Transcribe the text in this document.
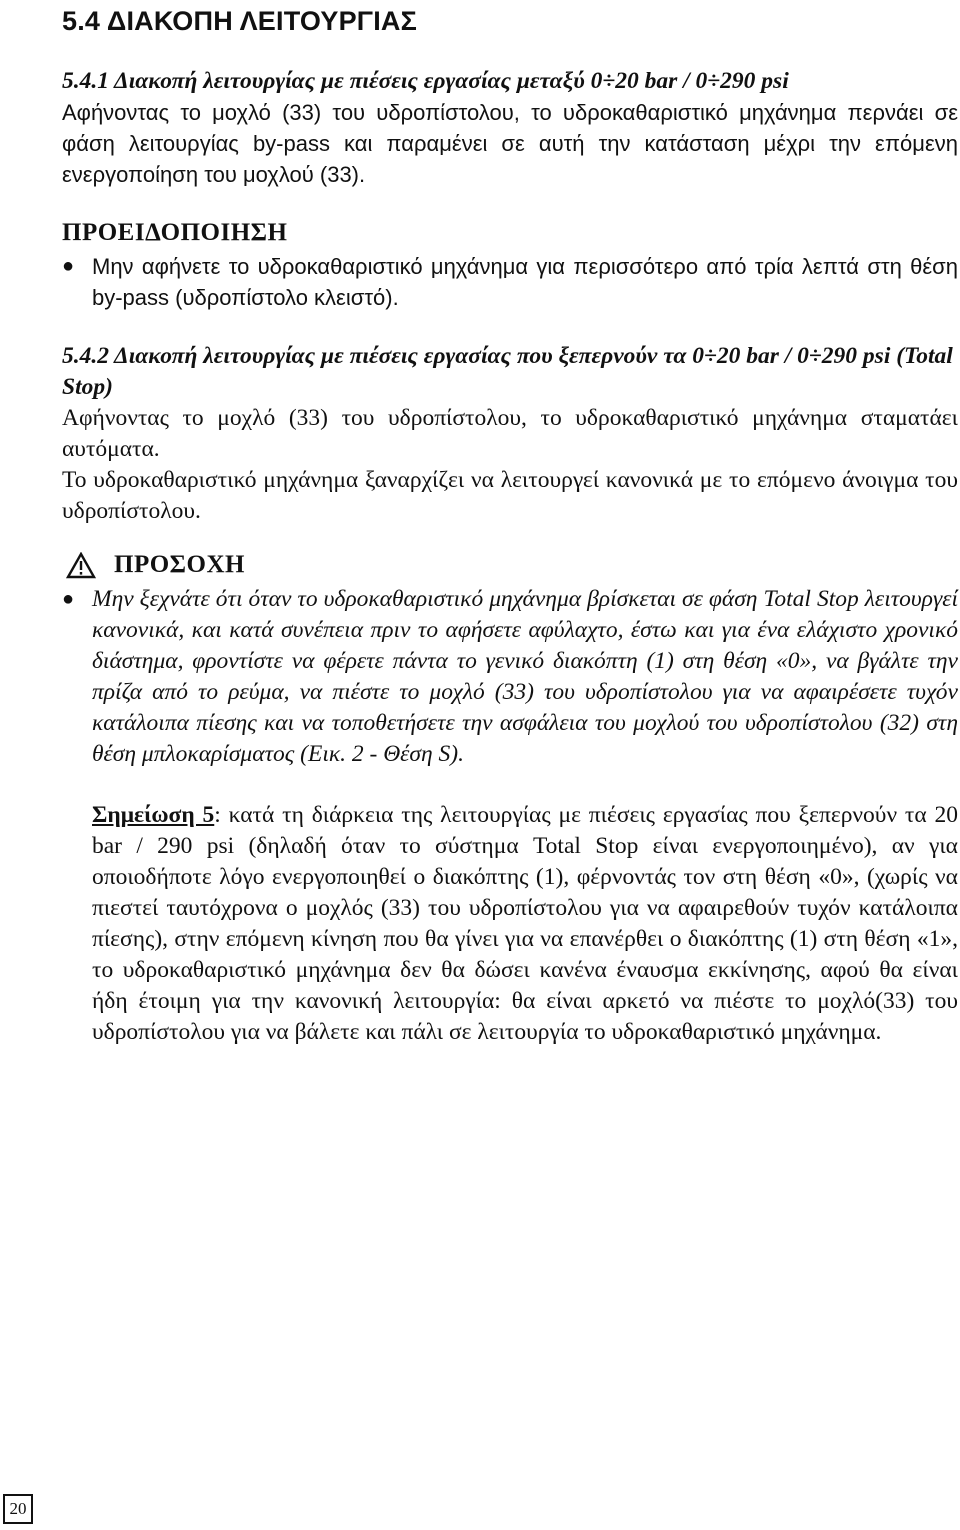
5.4 ΔΙΑΚΟΠΗ ΛΕΙΤΟΥΡΓΙΑΣ

5.4.1 Διακοπή λειτουργίας με πιέσεις εργασίας μεταξύ 0÷20 bar / 0÷290 psi

Αφήνοντας το μοχλό (33) του υδροπίστολου, το υδροκαθαριστικό μηχάνημα περνάει σε φάση λειτουργίας by-pass και παραμένει σε αυτή την κατάσταση μέχρι την επόμενη ενεργοποίηση του μοχλού (33).

ΠΡΟΕΙΔΟΠΟΙΗΣΗ

● Μην αφήνετε το υδροκαθαριστικό μηχάνημα για περισσότερο από τρία λεπτά στη θέση by-pass (υδροπίστολο κλειστό).

5.4.2 Διακοπή λειτουργίας με πιέσεις εργασίας που ξεπερνούν τα 0÷20 bar / 0÷290 psi (Total Stop)

Αφήνοντας το μοχλό (33) του υδροπίστολου, το υδροκαθαριστικό μηχάνημα σταματάει αυτόματα.

Το υδροκαθαριστικό μηχάνημα ξαναρχίζει να λειτουργεί κανονικά με το επόμενο άνοιγμα του υδροπίστολου.

ΠΡΟΣΟΧΗ
● Μην ξεχνάτε ότι όταν το υδροκαθαριστικό μηχάνημα βρίσκεται σε φάση Total Stop λειτουργεί κανονικά, και κατά συνέπεια πριν το αφήσετε αφύλαχτο, έστω και για ένα ελάχιστο χρονικό διάστημα, φροντίστε να φέρετε πάντα το γενικό διακόπτη (1) στη θέση «0», να βγάλτε την πρίζα από το ρεύμα, να πιέστε το μοχλό (33) του υδροπίστολου για να αφαιρέσετε τυχόν κατάλοιπα πίεσης και να τοποθετήσετε την ασφάλεια του μοχλού του υδροπίστολου (32) στη θέση μπλοκαρίσματος (Εικ. 2 - Θέση S).

Σημείωση 5: κατά τη διάρκεια της λειτουργίας με πιέσεις εργασίας που ξεπερνούν τα 20 bar / 290 psi (δηλαδή όταν το σύστημα Total Stop είναι ενεργοποιημένο), αν για οποιοδήποτε λόγο ενεργοποιηθεί ο διακόπτης (1), φέρνοντάς τον στη θέση «0», (χωρίς να πιεστεί ταυτόχρονα ο μοχλός (33) του υδροπίστολου για να αφαιρεθούν τυχόν κατάλοιπα πίεσης), στην επόμενη κίνηση που θα γίνει για να επανέρθει ο διακόπτης (1) στη θέση «1», το υδροκαθαριστικό μηχάνημα δεν θα δώσει κανένα έναυσμα εκκίνησης, αφού θα είναι ήδη έτοιμη για την κανονική λειτουργία: θα είναι αρκετό να πιέστε το μοχλό(33) του υδροπίστολου για να βάλετε και πάλι σε λειτουργία το υδροκαθαριστικό μηχάνημα.

20
